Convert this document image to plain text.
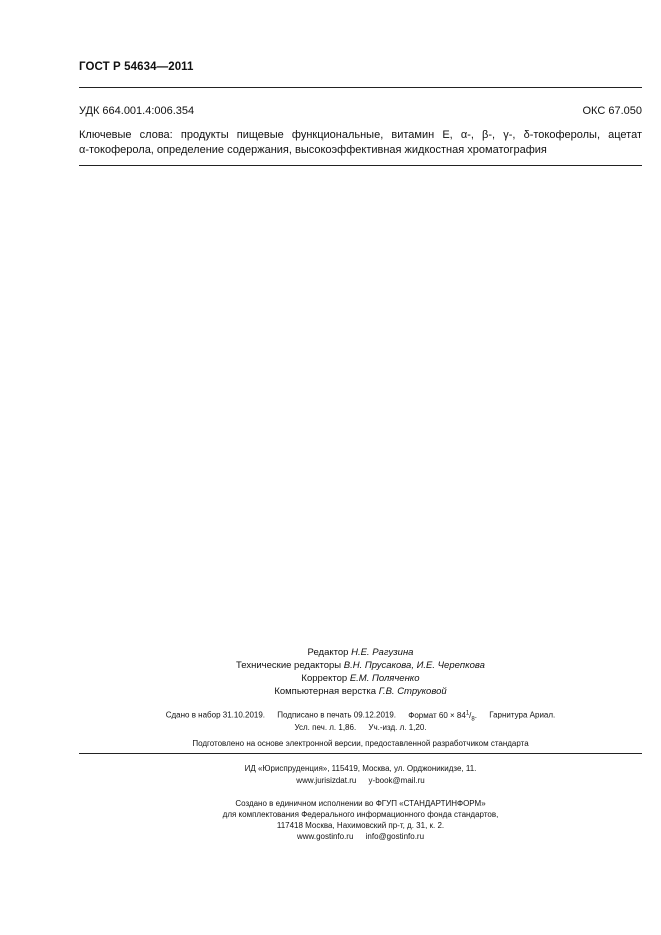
ГОСТ Р 54634—2011
УДК 664.001.4:006.354	ОКС 67.050
Ключевые слова: продукты пищевые функциональные, витамин Е, α-, β-, γ-, δ-токоферолы, ацетат
α-токоферола, определение содержания, высокоэффективная жидкостная хроматография
Редактор Н.Е. Рагузина
Технические редакторы В.Н. Прусакова, И.Е. Черепкова
Корректор Е.М. Поляченко
Компьютерная верстка Г.В. Струковой
Сдано в набор 31.10.2019. Подписано в печать 09.12.2019. Формат $60 \times 84^1/_8$. Гарнитура Ариал.
Усл. печ. л. 1,86. Уч.-изд. л. 1,20.
Подготовлено на основе электронной версии, предоставленной разработчиком стандарта
ИД «Юриспруденция», 115419, Москва, ул. Орджоникидзе, 11.
www.jurisizdat.ru y-book@mail.ru
Создано в единичном исполнении во ФГУП «СТАНДАРТИНФОРМ»
для комплектования Федерального информационного фонда стандартов,
117418 Москва, Нахимовский пр-т, д. 31, к. 2.
www.gostinfo.ru info@gostinfo.ru
